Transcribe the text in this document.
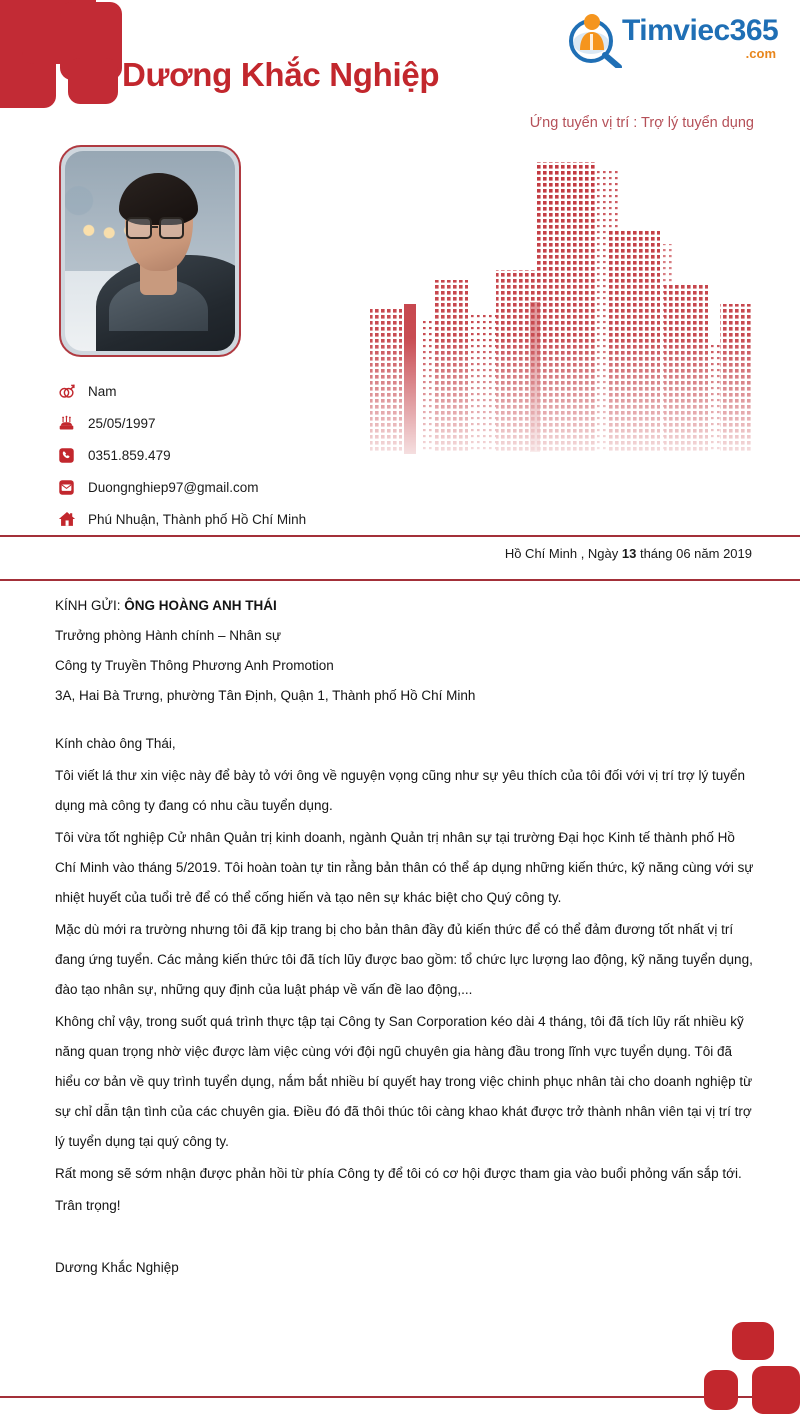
Timviec365
.com
Dương Khắc Nghiệp
Ứng tuyển vị trí : Trợ lý tuyển dụng
Nam
25/05/1997
0351.859.479
Duongnghiep97@gmail.com
Phú Nhuận, Thành phố Hồ Chí Minh
Hồ Chí Minh , Ngày 13 tháng 06 năm 2019
KÍNH GỬI: ÔNG HOÀNG ANH THÁI
Trưởng phòng Hành chính – Nhân sự
Công ty Truyền Thông Phương Anh Promotion
3A, Hai Bà Trưng, phường Tân Định, Quận 1, Thành phố Hồ Chí Minh
Kính chào ông Thái,
Tôi viết lá thư xin việc này để bày tỏ với ông về nguyện vọng cũng như sự yêu thích của tôi đối với vị trí trợ lý tuyển dụng mà công ty đang có nhu cầu tuyển dụng.
Tôi vừa tốt nghiệp Cử nhân Quản trị kinh doanh, ngành Quản trị nhân sự tại trường Đại học Kinh tế thành phố Hồ Chí Minh vào tháng 5/2019. Tôi hoàn toàn tự tin rằng bản thân có thể áp dụng những kiến thức, kỹ năng cùng với sự nhiệt huyết của tuổi trẻ để có thể cống hiến và tạo nên sự khác biệt cho Quý công ty.
Mặc dù mới ra trường nhưng tôi đã kịp trang bị cho bản thân đầy đủ kiến thức để có thể đảm đương tốt nhất vị trí đang ứng tuyển. Các mảng kiến thức tôi đã tích lũy được bao gồm: tổ chức lực lượng lao động, kỹ năng tuyển dụng, đào tạo nhân sự, những quy định của luật pháp về vấn đề lao động,...
Không chỉ vậy, trong suốt quá trình thực tập tại Công ty San Corporation kéo dài 4 tháng, tôi đã tích lũy rất nhiều kỹ năng quan trọng nhờ việc được làm việc cùng với đội ngũ chuyên gia hàng đầu trong lĩnh vực tuyển dụng. Tôi đã hiểu cơ bản về quy trình tuyển dụng, nắm bắt nhiều bí quyết hay trong việc chinh phục nhân tài cho doanh nghiệp từ sự chỉ dẫn tận tình của các chuyên gia. Điều đó đã thôi thúc tôi càng khao khát được trở thành nhân viên tại vị trí trợ lý tuyển dụng tại quý công ty.
Rất mong sẽ sớm nhận được phản hồi từ phía Công ty để tôi có cơ hội được tham gia vào buổi phỏng vấn sắp tới.
Trân trọng!
Dương Khắc Nghiệp
